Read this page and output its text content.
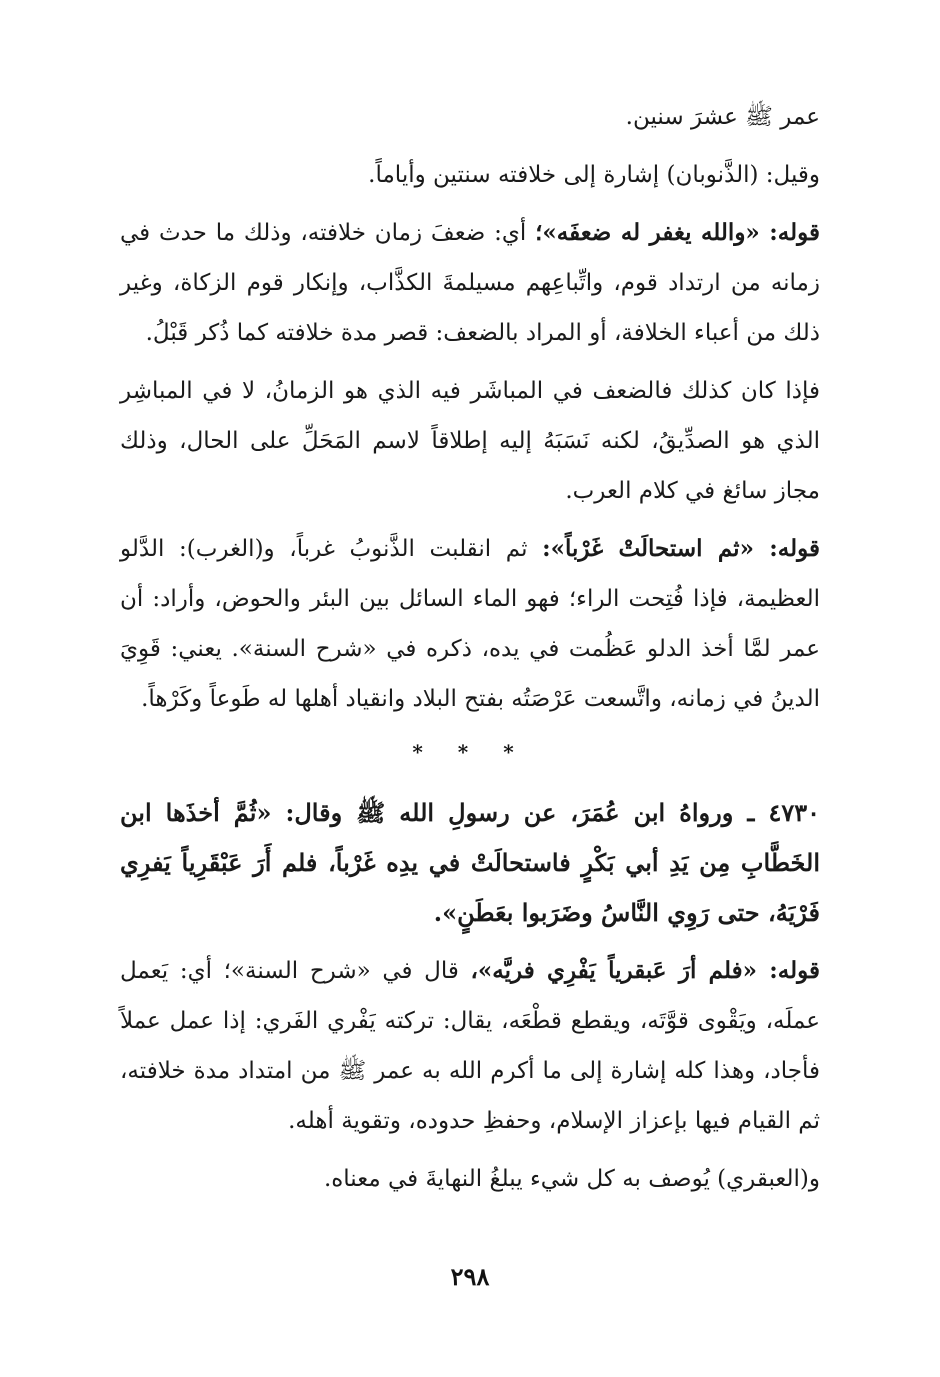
عمر ﷺ عشرَ سنين.

وقيل: (الذَّنوبان) إشارة إلى خلافته سنتين وأياماً.

قوله: «والله يغفر له ضعفَه»؛ أي: ضعفَ زمان خلافته، وذلك ما حدث في زمانه من ارتداد قوم، واتِّباعِهم مسيلمةَ الكذَّاب، وإنكار قوم الزكاة، وغير ذلك من أعباء الخلافة، أو المراد بالضعف: قصر مدة خلافته كما ذُكر قَبْلُ.

فإذا كان كذلك فالضعف في المباشَر فيه الذي هو الزمانُ، لا في المباشِر الذي هو الصدِّيقُ، لكنه نَسَبَهُ إليه إطلاقاً لاسم المَحَلِّ على الحال، وذلك مجاز سائغ في كلام العرب.

قوله: «ثم استحالَتْ غَرْباً»: ثم انقلبت الذَّنوبُ غرباً، و(الغرب): الدَّلو العظيمة، فإذا فُتِحت الراء؛ فهو الماء السائل بين البئر والحوض، وأراد: أن عمر لمَّا أخذ الدلو عَظُمت في يده، ذكره في «شرح السنة». يعني: قَوِيَ الدينُ في زمانه، واتَّسعت عَرْصَتُه بفتح البلاد وانقياد أهلها له طَوعاً وكَرْهاً.

* * *

٤٧٣٠ ـ ورواهُ ابن عُمَرَ، عن رسولِ الله ﷺ وقال: «ثُمَّ أخذَها ابن الخَطَّابِ مِن يَدِ أبي بَكْرٍ فاستحالَتْ في يدِه غَرْباً، فلم أَرَ عَبْقَرِياً يَفرِي فَرْيَهُ، حتى رَوِي النَّاسُ وضَرَبوا بعَطَنٍ».

قوله: «فلم أرَ عَبقرياً يَفْرِي فريَّه»، قال في «شرح السنة»؛ أي: يَعمل عملَه، ويَقْوى قوَّتَه، ويقطع قطْعَه، يقال: تركته يَفْري الفَري: إذا عمل عملاً فأجاد، وهذا كله إشارة إلى ما أكرم الله به عمر ﷺ من امتداد مدة خلافته، ثم القيام فيها بإعزاز الإسلام، وحفظِ حدوده، وتقوية أهله.

و(العبقري) يُوصف به كل شيء يبلغُ النهايةَ في معناه.

٢٩٨
